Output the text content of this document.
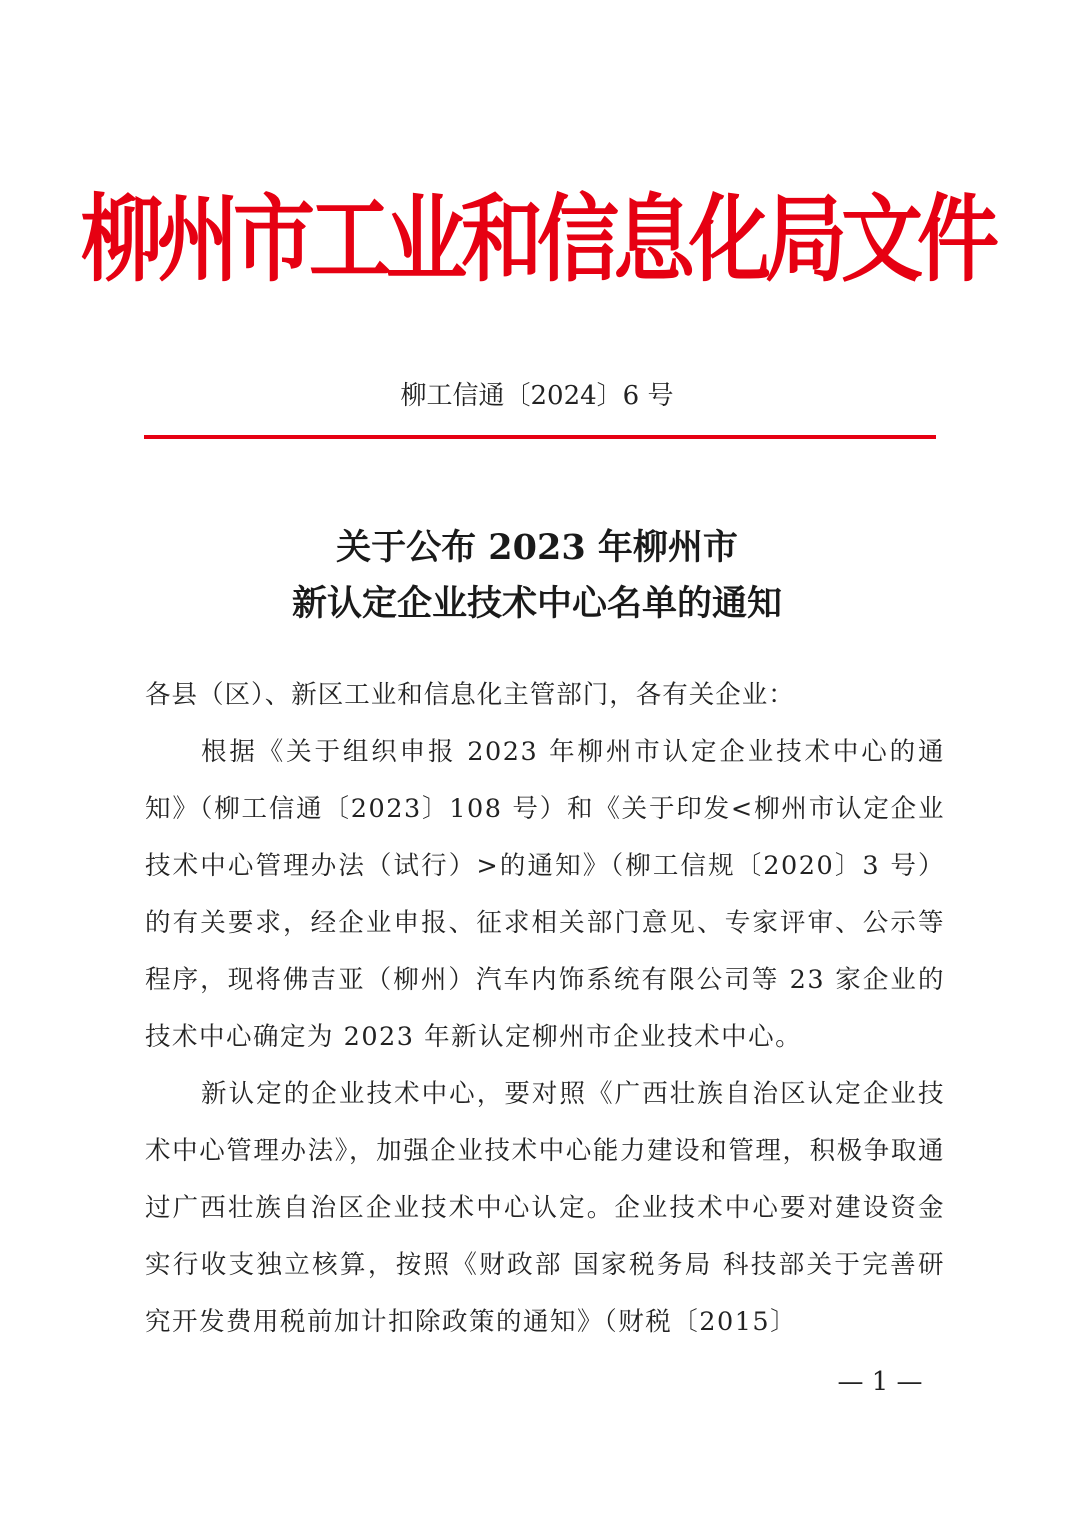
柳州市工业和信息化局文件
柳工信通〔2024〕6 号
关于公布 2023 年柳州市
新认定企业技术中心名单的通知

各县（区）、新区工业和信息化主管部门，各有关企业：

根据《关于组织申报 2023 年柳州市认定企业技术中心的通知》（柳工信通〔2023〕108 号）和《关于印发<柳州市认定企业技术中心管理办法（试行）>的通知》（柳工信规〔2020〕3 号）的有关要求，经企业申报、征求相关部门意见、专家评审、公示等程序，现将佛吉亚（柳州）汽车内饰系统有限公司等 23 家企业的技术中心确定为 2023 年新认定柳州市企业技术中心。

新认定的企业技术中心，要对照《广西壮族自治区认定企业技术中心管理办法》，加强企业技术中心能力建设和管理，积极争取通过广西壮族自治区企业技术中心认定。企业技术中心要对建设资金实行收支独立核算，按照《财政部 国家税务局 科技部关于完善研究开发费用税前加计扣除政策的通知》（财税〔2015〕

— 1 —
